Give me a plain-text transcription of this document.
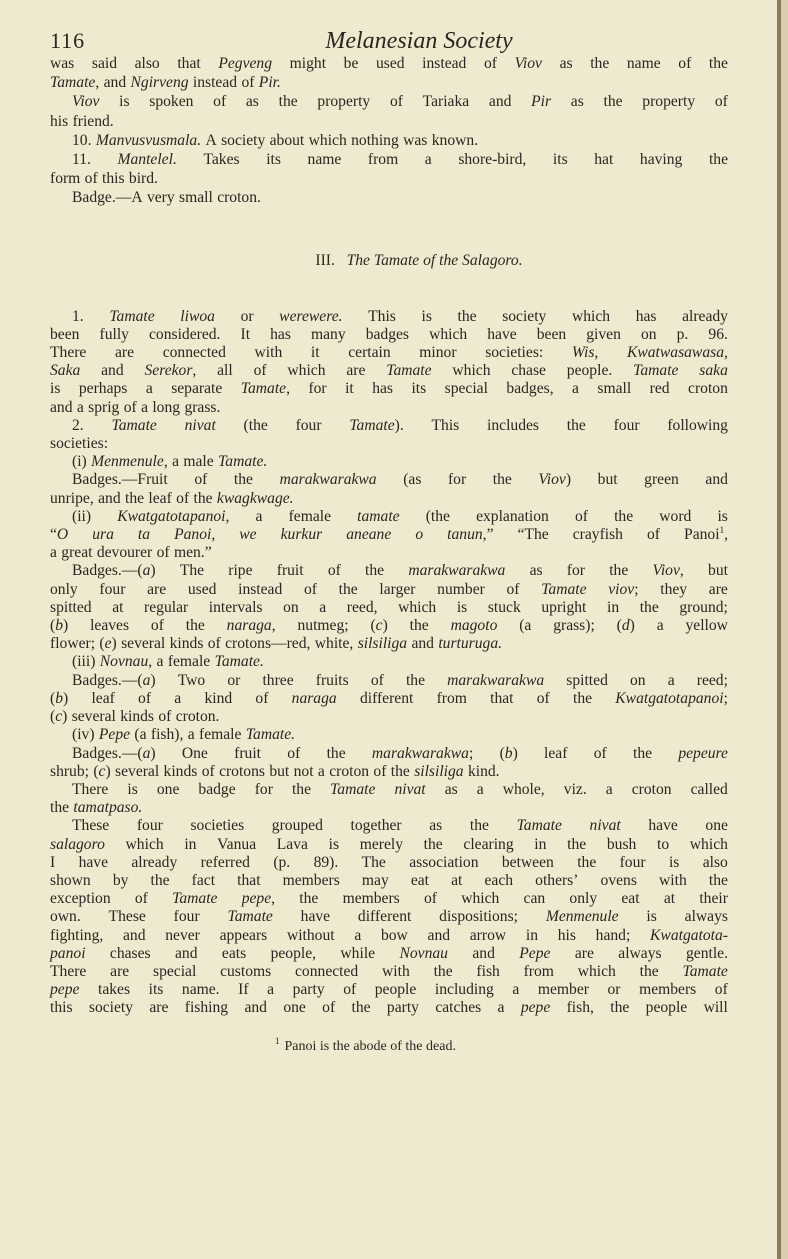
116	Melanesian Society
was said also that Pegveng might be used instead of Viov as the name of the
Tamate, and Ngirveng instead of Pir.
Viov is spoken of as the property of Tariaka and Pir as the property of
his friend.
10. Manvusvusmala. A society about which nothing was known.
11. Mantelel. Takes its name from a shore-bird, its hat having the
form of this bird.
Badge.—A very small croton.
III. The Tamate of the Salagoro.
1. Tamate liwoa or werewere. This is the society which has already
been fully considered. It has many badges which have been given on p. 96.
There are connected with it certain minor societies: Wis, Kwatwasawasa,
Saka and Serekor, all of which are Tamate which chase people. Tamate saka
is perhaps a separate Tamate, for it has its special badges, a small red croton
and a sprig of a long grass.
2. Tamate nivat (the four Tamate). This includes the four following
societies:
(i) Menmenule, a male Tamate.
Badges.—Fruit of the marakwarakwa (as for the Viov) but green and
unripe, and the leaf of the kwagkwage.
(ii) Kwatgatotapanoi, a female tamate (the explanation of the word is
“O ura ta Panoi, we kurkur aneane o tanun,” “The crayfish of Panoi$^1$,
a great devourer of men.”
Badges.—(a) The ripe fruit of the marakwarakwa as for the Viov, but
only four are used instead of the larger number of Tamate viov; they are
spitted at regular intervals on a reed, which is stuck upright in the ground;
(b) leaves of the naraga, nutmeg; (c) the magoto (a grass); (d) a yellow
flower; (e) several kinds of crotons—red, white, silsiliga and turturuga.
(iii) Novnau, a female Tamate.
Badges.—(a) Two or three fruits of the marakwarakwa spitted on a reed;
(b) leaf of a kind of naraga different from that of the Kwatgatotapanoi;
(c) several kinds of croton.
(iv) Pepe (a fish), a female Tamate.
Badges.—(a) One fruit of the marakwarakwa; (b) leaf of the pepeure
shrub; (c) several kinds of crotons but not a croton of the silsiliga kind.
There is one badge for the Tamate nivat as a whole, viz. a croton called
the tamatpaso.
These four societies grouped together as the Tamate nivat have one
salagoro which in Vanua Lava is merely the clearing in the bush to which
I have already referred (p. 89). The association between the four is also
shown by the fact that members may eat at each others’ ovens with the
exception of Tamate pepe, the members of which can only eat at their
own. These four Tamate have different dispositions; Menmenule is always
fighting, and never appears without a bow and arrow in his hand; Kwatgatota-
panoi chases and eats people, while Novnau and Pepe are always gentle.
There are special customs connected with the fish from which the Tamate
pepe takes its name. If a party of people including a member or members of
this society are fishing and one of the party catches a pepe fish, the people will
$^1$ Panoi is the abode of the dead.
